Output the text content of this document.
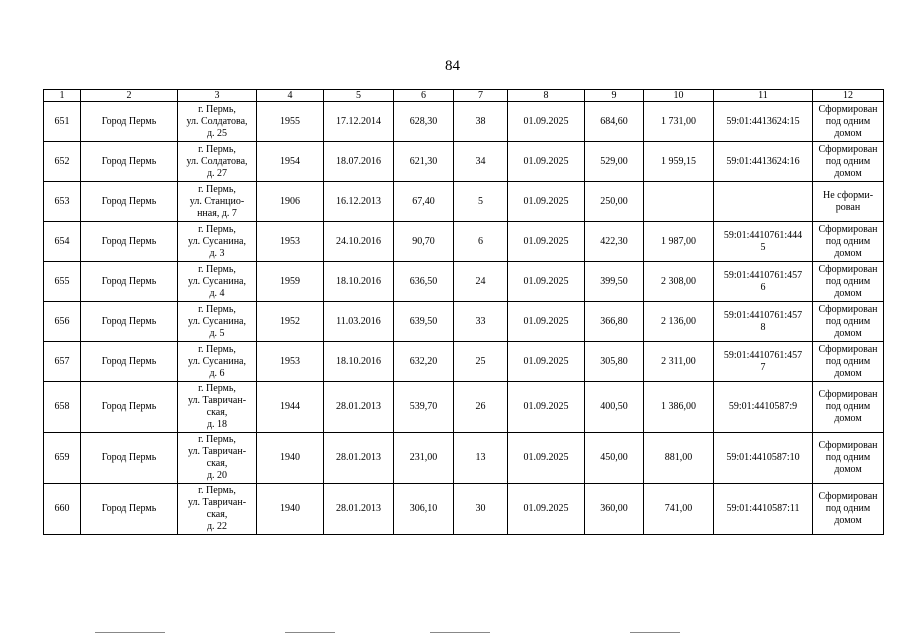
84
1	2	3	4	5	6	7	8	9	10	11	12
651	Город Пермь	г. Пермь,
ул. Солдатова,
д. 25	1955	17.12.2014	628,30	38	01.09.2025	684,60	1 731,00	59:01:4413624:15	Сформирован
под одним
домом
652	Город Пермь	г. Пермь,
ул. Солдатова,
д. 27	1954	18.07.2016	621,30	34	01.09.2025	529,00	1 959,15	59:01:4413624:16	Сформирован
под одним
домом
653	Город Пермь	г. Пермь,
ул. Станцио-
нная, д. 7	1906	16.12.2013	67,40	5	01.09.2025	250,00			Не сформи-
рован
654	Город Пермь	г. Пермь,
ул. Сусанина,
д. 3	1953	24.10.2016	90,70	6	01.09.2025	422,30	1 987,00	59:01:4410761:444
5	Сформирован
под одним
домом
655	Город Пермь	г. Пермь,
ул. Сусанина,
д. 4	1959	18.10.2016	636,50	24	01.09.2025	399,50	2 308,00	59:01:4410761:457
6	Сформирован
под одним
домом
656	Город Пермь	г. Пермь,
ул. Сусанина,
д. 5	1952	11.03.2016	639,50	33	01.09.2025	366,80	2 136,00	59:01:4410761:457
8	Сформирован
под одним
домом
657	Город Пермь	г. Пермь,
ул. Сусанина,
д. 6	1953	18.10.2016	632,20	25	01.09.2025	305,80	2 311,00	59:01:4410761:457
7	Сформирован
под одним
домом
658	Город Пермь	г. Пермь,
ул. Тавричан-
ская,
д. 18	1944	28.01.2013	539,70	26	01.09.2025	400,50	1 386,00	59:01:4410587:9	Сформирован
под одним
домом
659	Город Пермь	г. Пермь,
ул. Тавричан-
ская,
д. 20	1940	28.01.2013	231,00	13	01.09.2025	450,00	881,00	59:01:4410587:10	Сформирован
под одним
домом
660	Город Пермь	г. Пермь,
ул. Тавричан-
ская,
д. 22	1940	28.01.2013	306,10	30	01.09.2025	360,00	741,00	59:01:4410587:11	Сформирован
под одним
домом
